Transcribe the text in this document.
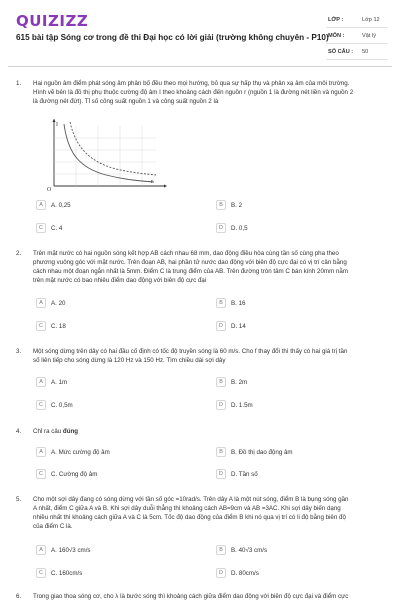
QUIZIZZ
615 bài tập Sóng cơ trong đề thi Đại học có lời giải (trường không chuyên - P10)
LỚP :	Lớp 12
MÔN :	Vật lý
SỐ CÂU : 50
1. Hai nguồn âm điểm phát sóng âm phân bố đều theo mọi hướng, bỏ qua sự hấp thụ và phản xạ âm của môi trường.
Hình vẽ bên là đồ thị phụ thuộc cường độ âm I theo khoảng cách đến nguồn r (nguồn 1 là đường nét liền và nguồn 2
là đường nét đứt). Tỉ số công suất nguồn 1 và công suất nguồn 2 là
I
r
O
A	A. 0,25	B	B. 2
C	C. 4	D	D. 0,5
2. Trên mặt nước có hai nguồn sóng kết hợp AB cách nhau 68 mm, dao động điều hòa cùng tần số cùng pha theo
phương vuông góc với mặt nước. Trên đoạn AB, hai phần tử nước dao động với biên độ cực đại có vị trí cân bằng
cách nhau một đoạn ngắn nhất là 5mm. Điểm C là trung điểm của AB. Trên đường tròn tâm C bán kính 20mm nằm
trên mặt nước có bao nhiêu điểm dao động với biên độ cực đại
A	A. 20	B	B. 16
C	C. 18	D	D. 14
3. Một sóng dừng trên dây có hai đầu cố định có tốc độ truyền sóng là 60 m/s. Cho f thay đổi thì thấy có hai giá trị tần
số liên tiếp cho sóng dừng là 120 Hz và 150 Hz. Tìm chiều dài sợi dây
A	A. 1m	B	B. 2m
C	C. 0,5m	D	D. 1.5m
4. Chỉ ra câu đúng
A	A. Mức cường độ âm	B	B. Đồ thị dao động âm
C	C. Cường độ âm	D	D. Tần số
5. Cho một sợi dây đang có sóng dừng với tần số góc =10rad/s. Trên dây A là một nút sóng, điểm B là bụng sóng gần
A nhất, điểm C giữa A và B. Khi sợi dây duỗi thẳng thì khoảng cách AB=9cm và AB =3AC. Khi sợi dây biến dạng
nhiều nhất thì khoảng cách giữa A và C là 5cm. Tốc độ dao động của điểm B khi nó qua vị trí có li độ bằng biên độ
của điểm C là.
A	A. 160√3 cm/s	B	B. 40√3 cm/s
C	C. 160cm/s	D	D. 80cm/s
6. Trong giao thoa sóng cơ, cho λ là bước sóng thì khoảng cách giữa điểm dao động với biên độ cực đại và điểm cực
